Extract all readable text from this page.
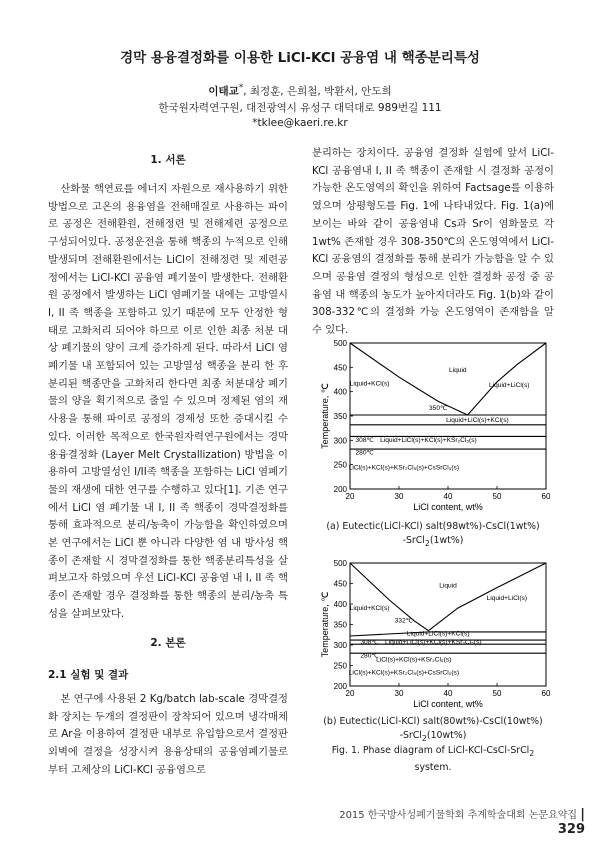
경막 용융결정화를 이용한 LiCl-KCl 공융염 내 핵종분리특성
이태교*, 최정훈, 은희철, 박환서, 안도희
한국원자력연구원, 대전광역시 유성구 대덕대로 989번길 111
*tklee@kaeri.re.kr
1. 서론

산화물 핵연료를 에너지 자원으로 재사용하기 위한 방법으로 고온의 용융염을 전해매질로 사용하는 파이로 공정은 전해환원, 전해정련 및 전해제련 공정으로 구성되어있다. 공정운전을 통해 핵종의 누적으로 인해 발생되며 전해환원에서는 LiCl이 전해정련 및 제련공정에서는 LiCl-KCl 공융염 폐기물이 발생한다. 전해환원 공정에서 발생하는 LiCl 염폐기물 내에는 고방열시 I, II 족 핵종을 포함하고 있기 때문에 모두 안정한 형태로 고화처리 되어야 하므로 이로 인한 최종 처분 대상 폐기물의 양이 크게 증가하게 된다. 따라서 LiCl 염폐기물 내 포함되어 있는 고방열성 핵종을 분리 한 후 분리된 핵종만을 고화처리 한다면 최종 처분대상 폐기물의 양을 획기적으로 줄일 수 있으며 정제된 염의 재사용을 통해 파이로 공정의 경제성 또한 증대시킬 수 있다. 이러한 목적으로 한국원자력연구원에서는 경막 용융결정화 (Layer Melt Crystallization) 방법을 이용하여 고방열성인 I/II족 핵종을 포함하는 LiCl 염폐기물의 재생에 대한 연구를 수행하고 있다[1]. 기존 연구에서 LiCl 염 폐기물 내 I, II 족 핵종이 경막결정화를 통해 효과적으로 분리/농축이 가능함을 확인하였으며 본 연구에서는 LiCl 뿐 아니라 다양한 염 내 방사성 핵종이 존재할 시 경막결정화를 통한 핵종분리특성을 살펴보고자 하였으며 우선 LiCl-KCl 공융염 내 I, II 족 핵종이 존재할 경우 결정화를 통한 핵종의 분리/농축 특성을 살펴보았다.

2. 본론
2.1 실험 및 결과

본 연구에 사용된 2 Kg/batch lab-scale 경막결정화 장치는 두개의 결정판이 장착되어 있으며 냉각매체로 Ar을 이용하여 결정판 내부로 유입함으로서 결정판 외벽에 결정을 성장시켜 용융상태의 공융염폐기물로부터 고체상의 LiCl-KCl 공융염으로

분리하는 장치이다. 공융염 결정화 실험에 앞서 LiCl-KCl 공융염내 I, II 족 핵종이 존재할 시 결정화 공정이 가능한 온도영역의 확인을 위하여 Factsage를 이용하였으며 상평형도를 Fig. 1에 나타내었다. Fig. 1(a)에 보이는 바와 같이 공융염내 Cs과 Sr이 염화물로 각 1wt% 존재할 경우 308-350℃의 온도영역에서 LiCl-KCl 공융염의 결정화를 통해 분리가 가능함을 알 수 있으며 공융염 결정의 형성으로 인한 결정화 공정 중 공융염 내 핵종의 농도가 높아지더라도 Fig. 1(b)와 같이 308-332℃의 결정화 가능 온도영역이 존재함을 알 수 있다.

20	30	40	50	60
200
250
300
350
400
450
500
LiCl content, wt%
Temperature, ℃
Liquid
Liquid+KCl(s)	Liquid+LiCl(s)
350℃
Liquid+LiCl(s)+KCl(s)
308℃
280℃
Liquid+LiCl(s)+KCl(s)+KSr₂Cl₅(s)
LiCl(s)+KCl(s)+KSr₂Cl₅(s)+CsSrCl₃(s)
(a) Eutectic(LiCl-KCl) salt(98wt%)-CsCl(1wt%)
-SrCl$_2$(1wt%)
20	30	40	50	60
200
250
300
350
400
450
500
LiCl content, wt%
Temperature, ℃
Liquid
Liquid+KCl(s)
Liquid+LiCl(s)
332℃
Liquid+LiCl(s)+KCl(s)
308℃
280℃
Liquid+LiCl(s)+KCl(s)+KSr₂Cl₅(s)
LiCl(s)+KCl(s)+KSr₂Cl₅(s)
LiCl(s)+KCl(s)+KSr₂Cl₅(s)+CsSrCl₃(s)
(b) Eutectic(LiCl-KCl) salt(80wt%)-CsCl(10wt%)
-SrCl$_2$(10wt%)
Fig. 1. Phase diagram of LiCl-KCl-CsCl-SrCl$_2$
system.
2015 한국방사성폐기물학회 추계학술대회 논문요약집 | 329
